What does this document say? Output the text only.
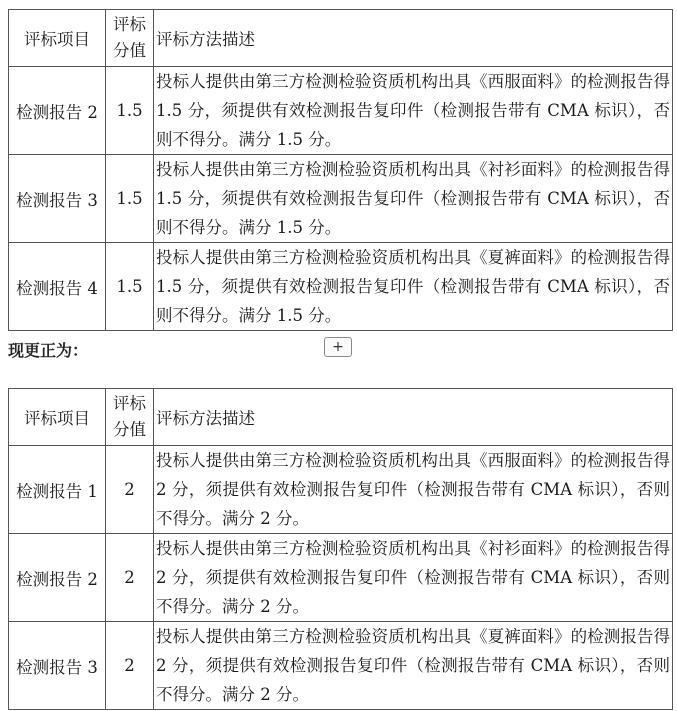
评标项目	评标分值	评标方法描述
检测报告 2	1.5	投标人提供由第三方检测检验资质机构出具《西服面料》的检测报告得 1.5 分，须提供有效检测报告复印件（检测报告带有 CMA 标识），否则不得分。满分 1.5 分。
检测报告 3	1.5	投标人提供由第三方检测检验资质机构出具《衬衫面料》的检测报告得 1.5 分，须提供有效检测报告复印件（检测报告带有 CMA 标识），否则不得分。满分 1.5 分。
检测报告 4	1.5	投标人提供由第三方检测检验资质机构出具《夏裤面料》的检测报告得 1.5 分，须提供有效检测报告复印件（检测报告带有 CMA 标识），否则不得分。满分 1.5 分。
现更正为：	+
评标项目	评标分值	评标方法描述
检测报告 1	2	投标人提供由第三方检测检验资质机构出具《西服面料》的检测报告得 2 分，须提供有效检测报告复印件（检测报告带有 CMA 标识），否则不得分。满分 2 分。
检测报告 2	2	投标人提供由第三方检测检验资质机构出具《衬衫面料》的检测报告得 2 分，须提供有效检测报告复印件（检测报告带有 CMA 标识），否则不得分。满分 2 分。
检测报告 3	2	投标人提供由第三方检测检验资质机构出具《夏裤面料》的检测报告得 2 分，须提供有效检测报告复印件（检测报告带有 CMA 标识），否则不得分。满分 2 分。
